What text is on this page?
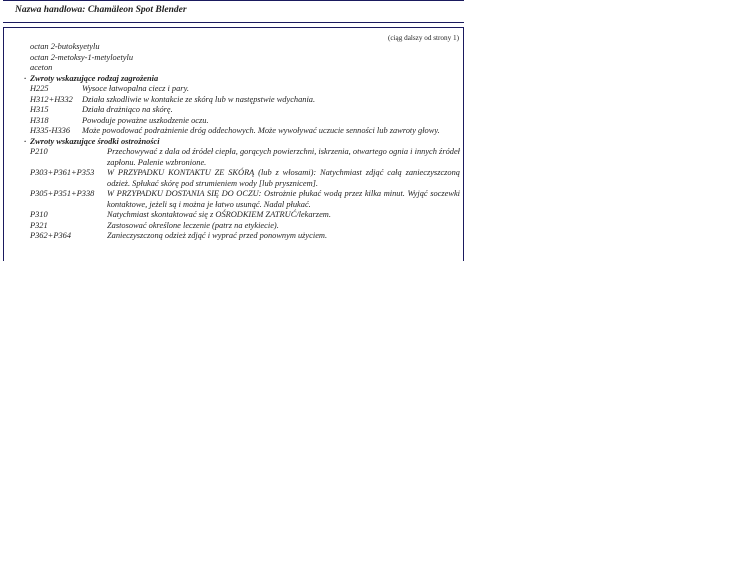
Nazwa handlowa: Chamäleon Spot Blender
(ciąg dalszy od strony 1)
octan 2-butoksyetylu
octan 2-metoksy-1-metyloetylu
aceton
· Zwroty wskazujące rodzaj zagrożenia
H225	Wysoce łatwopalna ciecz i pary.
H312+H332	Działa szkodliwie w kontakcie ze skórą lub w następstwie wdychania.
H315	Działa drażniąco na skórę.
H318	Powoduje poważne uszkodzenie oczu.
H335-H336	Może powodować podrażnienie dróg oddechowych. Może wywoływać uczucie senności lub zawroty głowy.
· Zwroty wskazujące środki ostrożności
P210	Przechowywać z dala od źródeł ciepła, gorących powierzchni, iskrzenia, otwartego ognia i innych źródeł zapłonu. Palenie wzbronione.
P303+P361+P353	W PRZYPADKU KONTAKTU ZE SKÓRĄ (lub z włosami): Natychmiast zdjąć całą zanieczyszczoną odzież. Spłukać skórę pod strumieniem wody [lub prysznicem].
P305+P351+P338	W PRZYPADKU DOSTANIA SIĘ DO OCZU: Ostrożnie płukać wodą przez kilka minut. Wyjąć soczewki kontaktowe, jeżeli są i można je łatwo usunąć. Nadal płukać.
P310	Natychmiast skontaktować się z OŚRODKIEM ZATRUĆ/lekarzem.
P321	Zastosować określone leczenie (patrz na etykiecie).
P362+P364	Zanieczyszczoną odzież zdjąć i wyprać przed ponownym użyciem.
